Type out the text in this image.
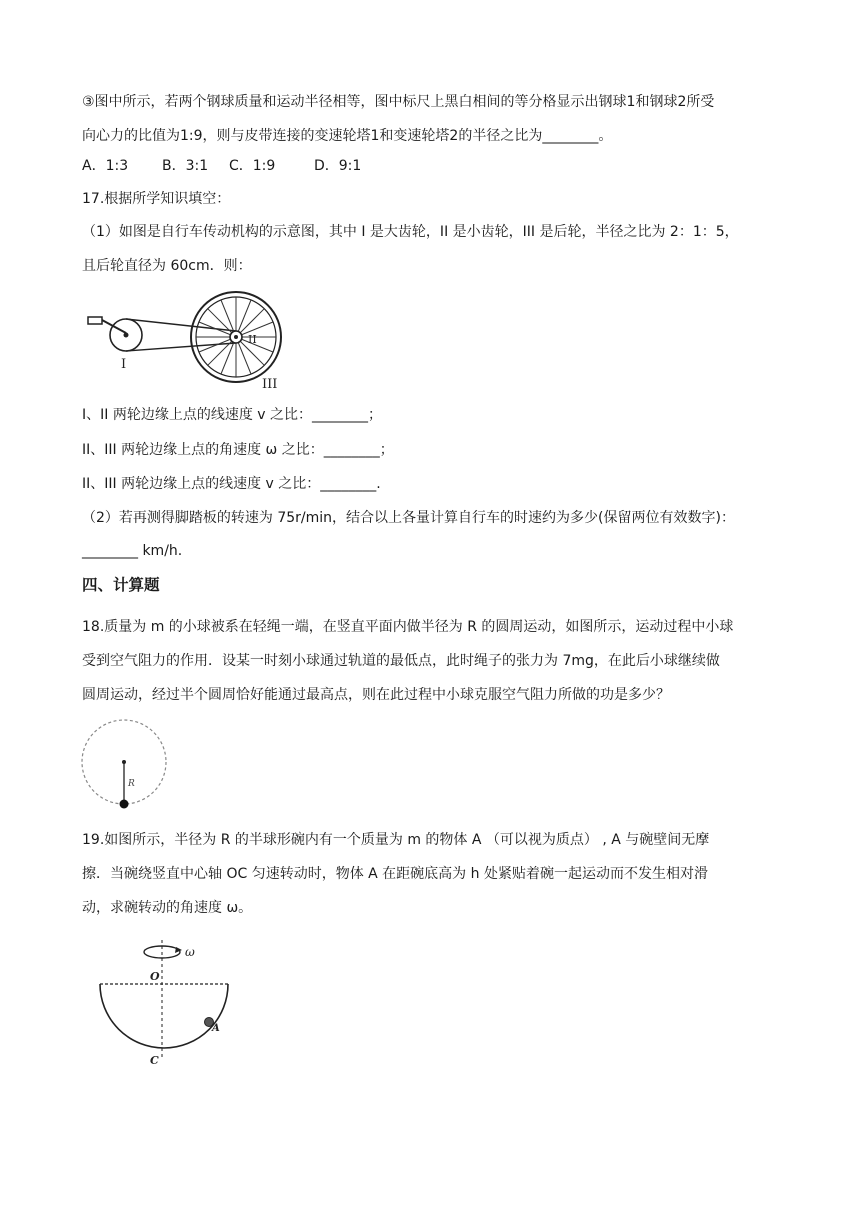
③图中所示，若两个钢球质量和运动半径相等，图中标尺上黑白相间的等分格显示出钢球1和钢球2所受
向心力的比值为1:9，则与皮带连接的变速轮塔1和变速轮塔2的半径之比为________。
A．1:3 B．3:1 C．1:9	D．9:1
17.根据所学知识填空：
（1）如图是自行车传动机构的示意图，其中 I 是大齿轮，II 是小齿轮，III 是后轮，半径之比为 2：1：5，
且后轮直径为 60cm．则：
I
II
III
I、II 两轮边缘上点的线速度 v 之比：________；
II、III 两轮边缘上点的角速度 ω 之比：________；
II、III 两轮边缘上点的线速度 v 之比：________.
（2）若再测得脚踏板的转速为 75r/min，结合以上各量计算自行车的时速约为多少(保留两位有效数字)：
________ km/h.
四、计算题
18.质量为 m 的小球被系在轻绳一端，在竖直平面内做半径为 R 的圆周运动，如图所示，运动过程中小球
受到空气阻力的作用．设某一时刻小球通过轨道的最低点，此时绳子的张力为 7mg，在此后小球继续做
圆周运动，经过半个圆周恰好能通过最高点，则在此过程中小球克服空气阻力所做的功是多少？
R
19.如图所示，半径为 R 的半球形碗内有一个质量为 m 的物体 A （可以视为质点） , A 与碗壁间无摩
擦．当碗绕竖直中心轴 OC 匀速转动时，物体 A 在距碗底高为 h 处紧贴着碗一起运动而不发生相对滑
动，求碗转动的角速度 ω。
ω
O
C
A
